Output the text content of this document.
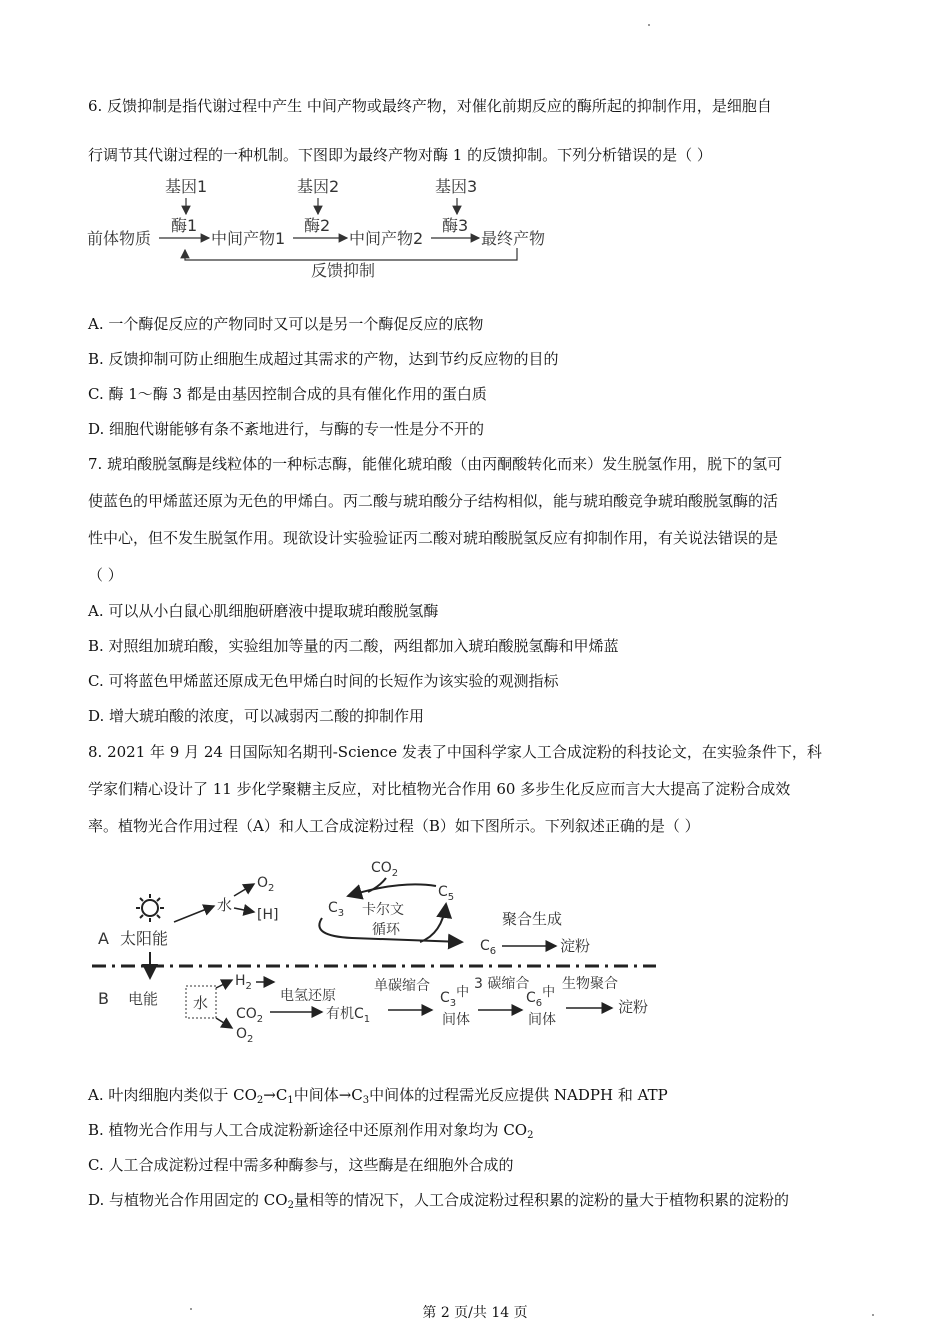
6. 反馈抑制是指代谢过程中产生 中间产物或最终产物，对催化前期反应的酶所起的抑制作用，是细胞自
行调节其代谢过程的一种机制。下图即为最终产物对酶 1 的反馈抑制。下列分析错误的是（ ）
基因1	基因2	基因3
酶1	酶2	酶3
前体物质	中间产物1	中间产物2	最终产物
反馈抑制
A. 一个酶促反应的产物同时又可以是另一个酶促反应的底物
B. 反馈抑制可防止细胞生成超过其需求的产物，达到节约反应物的目的
C. 酶 1～酶 3 都是由基因控制合成的具有催化作用的蛋白质
D. 细胞代谢能够有条不紊地进行，与酶的专一性是分不开的
7. 琥珀酸脱氢酶是线粒体的一种标志酶，能催化琥珀酸（由丙酮酸转化而来）发生脱氢作用，脱下的氢可
使蓝色的甲烯蓝还原为无色的甲烯白。丙二酸与琥珀酸分子结构相似，能与琥珀酸竞争琥珀酸脱氢酶的活
性中心，但不发生脱氢作用。现欲设计实验验证丙二酸对琥珀酸脱氢反应有抑制作用，有关说法错误的是
（ ）
A. 可以从小白鼠心肌细胞研磨液中提取琥珀酸脱氢酶
B. 对照组加琥珀酸，实验组加等量的丙二酸，两组都加入琥珀酸脱氢酶和甲烯蓝
C. 可将蓝色甲烯蓝还原成无色甲烯白时间的长短作为该实验的观测指标
D. 增大琥珀酸的浓度，可以减弱丙二酸的抑制作用
8. 2021 年 9 月 24 日国际知名期刊-Science 发表了中国科学家人工合成淀粉的科技论文，在实验条件下，科
学家们精心设计了 11 步化学聚糖主反应，对比植物光合作用 60 多步生化反应而言大大提高了淀粉合成效
率。植物光合作用过程（A）和人工合成淀粉过程（B）如下图所示。下列叙述正确的是（ ）
A 太阳能
水
$O_2$
[H]
$CO_2$
$C_5$
$C_3$ 卡尔文
循环
$C_6$
聚合生成
淀粉
B 电能 水
$H_2$
电氢还原
$CO_2$
$O_2$
有机$C_1$
单碳缩合
$C_3$中
间体
3 碳缩合
$C_6$中
间体
生物聚合
淀粉
A. 叶肉细胞内类似于 $CO_2\to C_1$中间体$\to C_3$中间体的过程需光反应提供 NADPH 和 ATP
B. 植物光合作用与人工合成淀粉新途径中还原剂作用对象均为 $CO_2$
C. 人工合成淀粉过程中需多种酶参与，这些酶是在细胞外合成的
D. 与植物光合作用固定的 $CO_2$量相等的情况下，人工合成淀粉过程积累的淀粉的量大于植物积累的淀粉的
第 2 页/共 14 页
